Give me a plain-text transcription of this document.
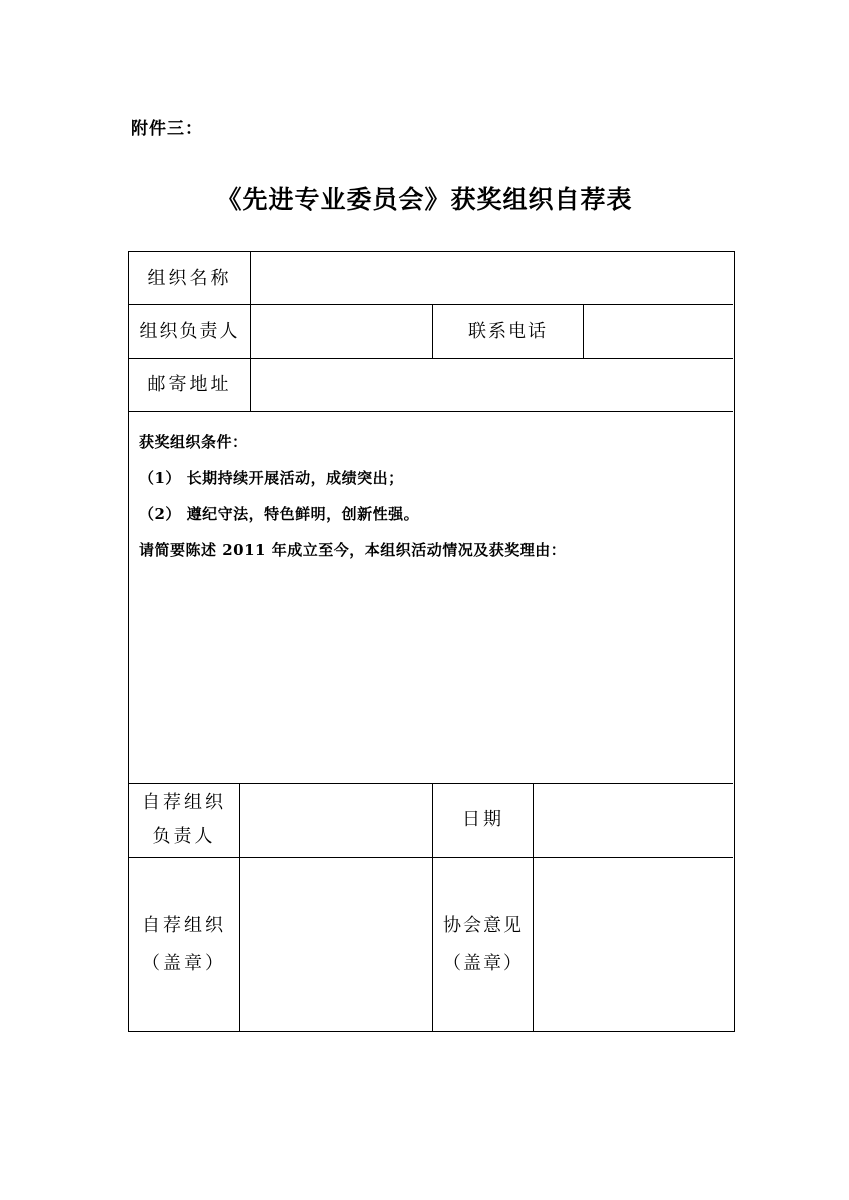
附件三：
《先进专业委员会》获奖组织自荐表
组织名称
组织负责人	联系电话
邮寄地址

获奖组织条件：

（1） 长期持续开展活动，成绩突出；

（2） 遵纪守法，特色鲜明，创新性强。

请简要陈述 2011 年成立至今，本组织活动情况及获奖理由：

自荐组织
负责人
日期
自荐组织
（盖章）
协会意见
（盖章）
